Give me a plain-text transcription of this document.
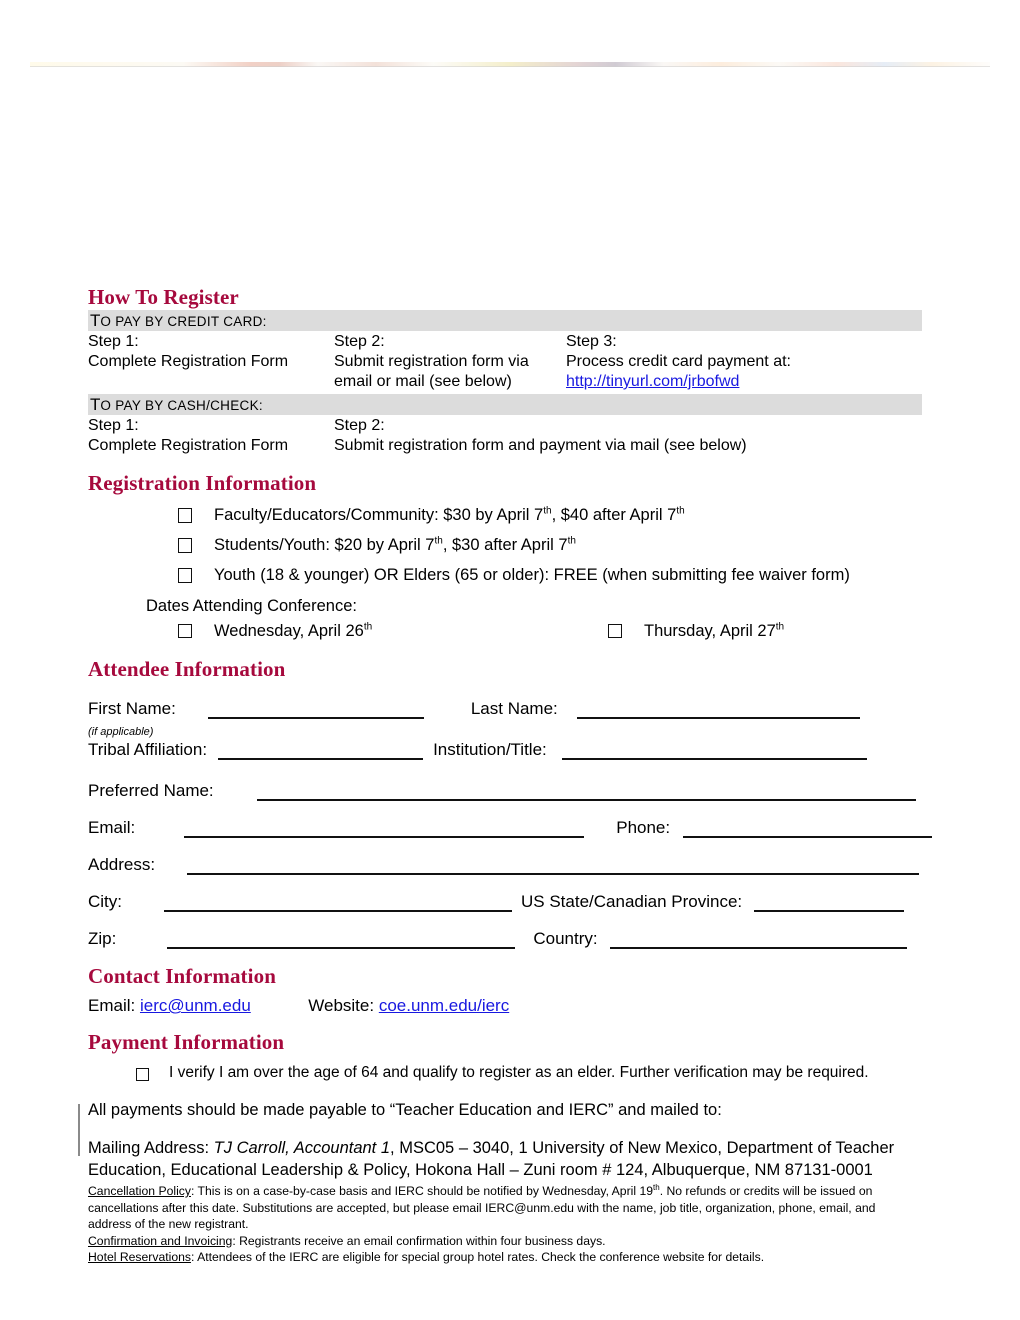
How To Register
TO PAY BY CREDIT CARD:
Step 1:
Complete Registration Form
Step 2:
Submit registration form via
email or mail (see below)
Step 3:
Process credit card payment at:
http://tinyurl.com/jrbofwd
TO PAY BY CASH/CHECK:
Step 1:
Complete Registration Form
Step 2:
Submit registration form and payment via mail (see below)
Registration Information
Faculty/Educators/Community: $30 by April 7th, $40 after April 7th
Students/Youth: $20 by April 7th, $30 after April 7th
Youth (18 & younger) OR Elders (65 or older): FREE (when submitting fee waiver form)
Dates Attending Conference:
Wednesday, April 26th	Thursday, April 27th
Attendee Information
First Name:	Last Name:
(if applicable)
Tribal Affiliation:	Institution/Title:
Preferred Name:
Email:	Phone:
Address:
City:	US State/Canadian Province:
Zip:	Country:
Contact Information
Email: ierc@unm.edu	Website: coe.unm.edu/ierc
Payment Information
I verify I am over the age of 64 and qualify to register as an elder. Further verification may be required.
All payments should be made payable to “Teacher Education and IERC” and mailed to:
Mailing Address: TJ Carroll, Accountant 1, MSC05 – 3040, 1 University of New Mexico, Department of Teacher Education, Educational Leadership & Policy, Hokona Hall – Zuni room # 124, Albuquerque, NM 87131-0001

Cancellation Policy: This is on a case-by-case basis and IERC should be notified by Wednesday, April 19th. No refunds or credits will be issued on cancellations after this date. Substitutions are accepted, but please email IERC@unm.edu with the name, job title, organization, phone, email, and address of the new registrant.

Confirmation and Invoicing: Registrants receive an email confirmation within four business days.

Hotel Reservations: Attendees of the IERC are eligible for special group hotel rates. Check the conference website for details.
